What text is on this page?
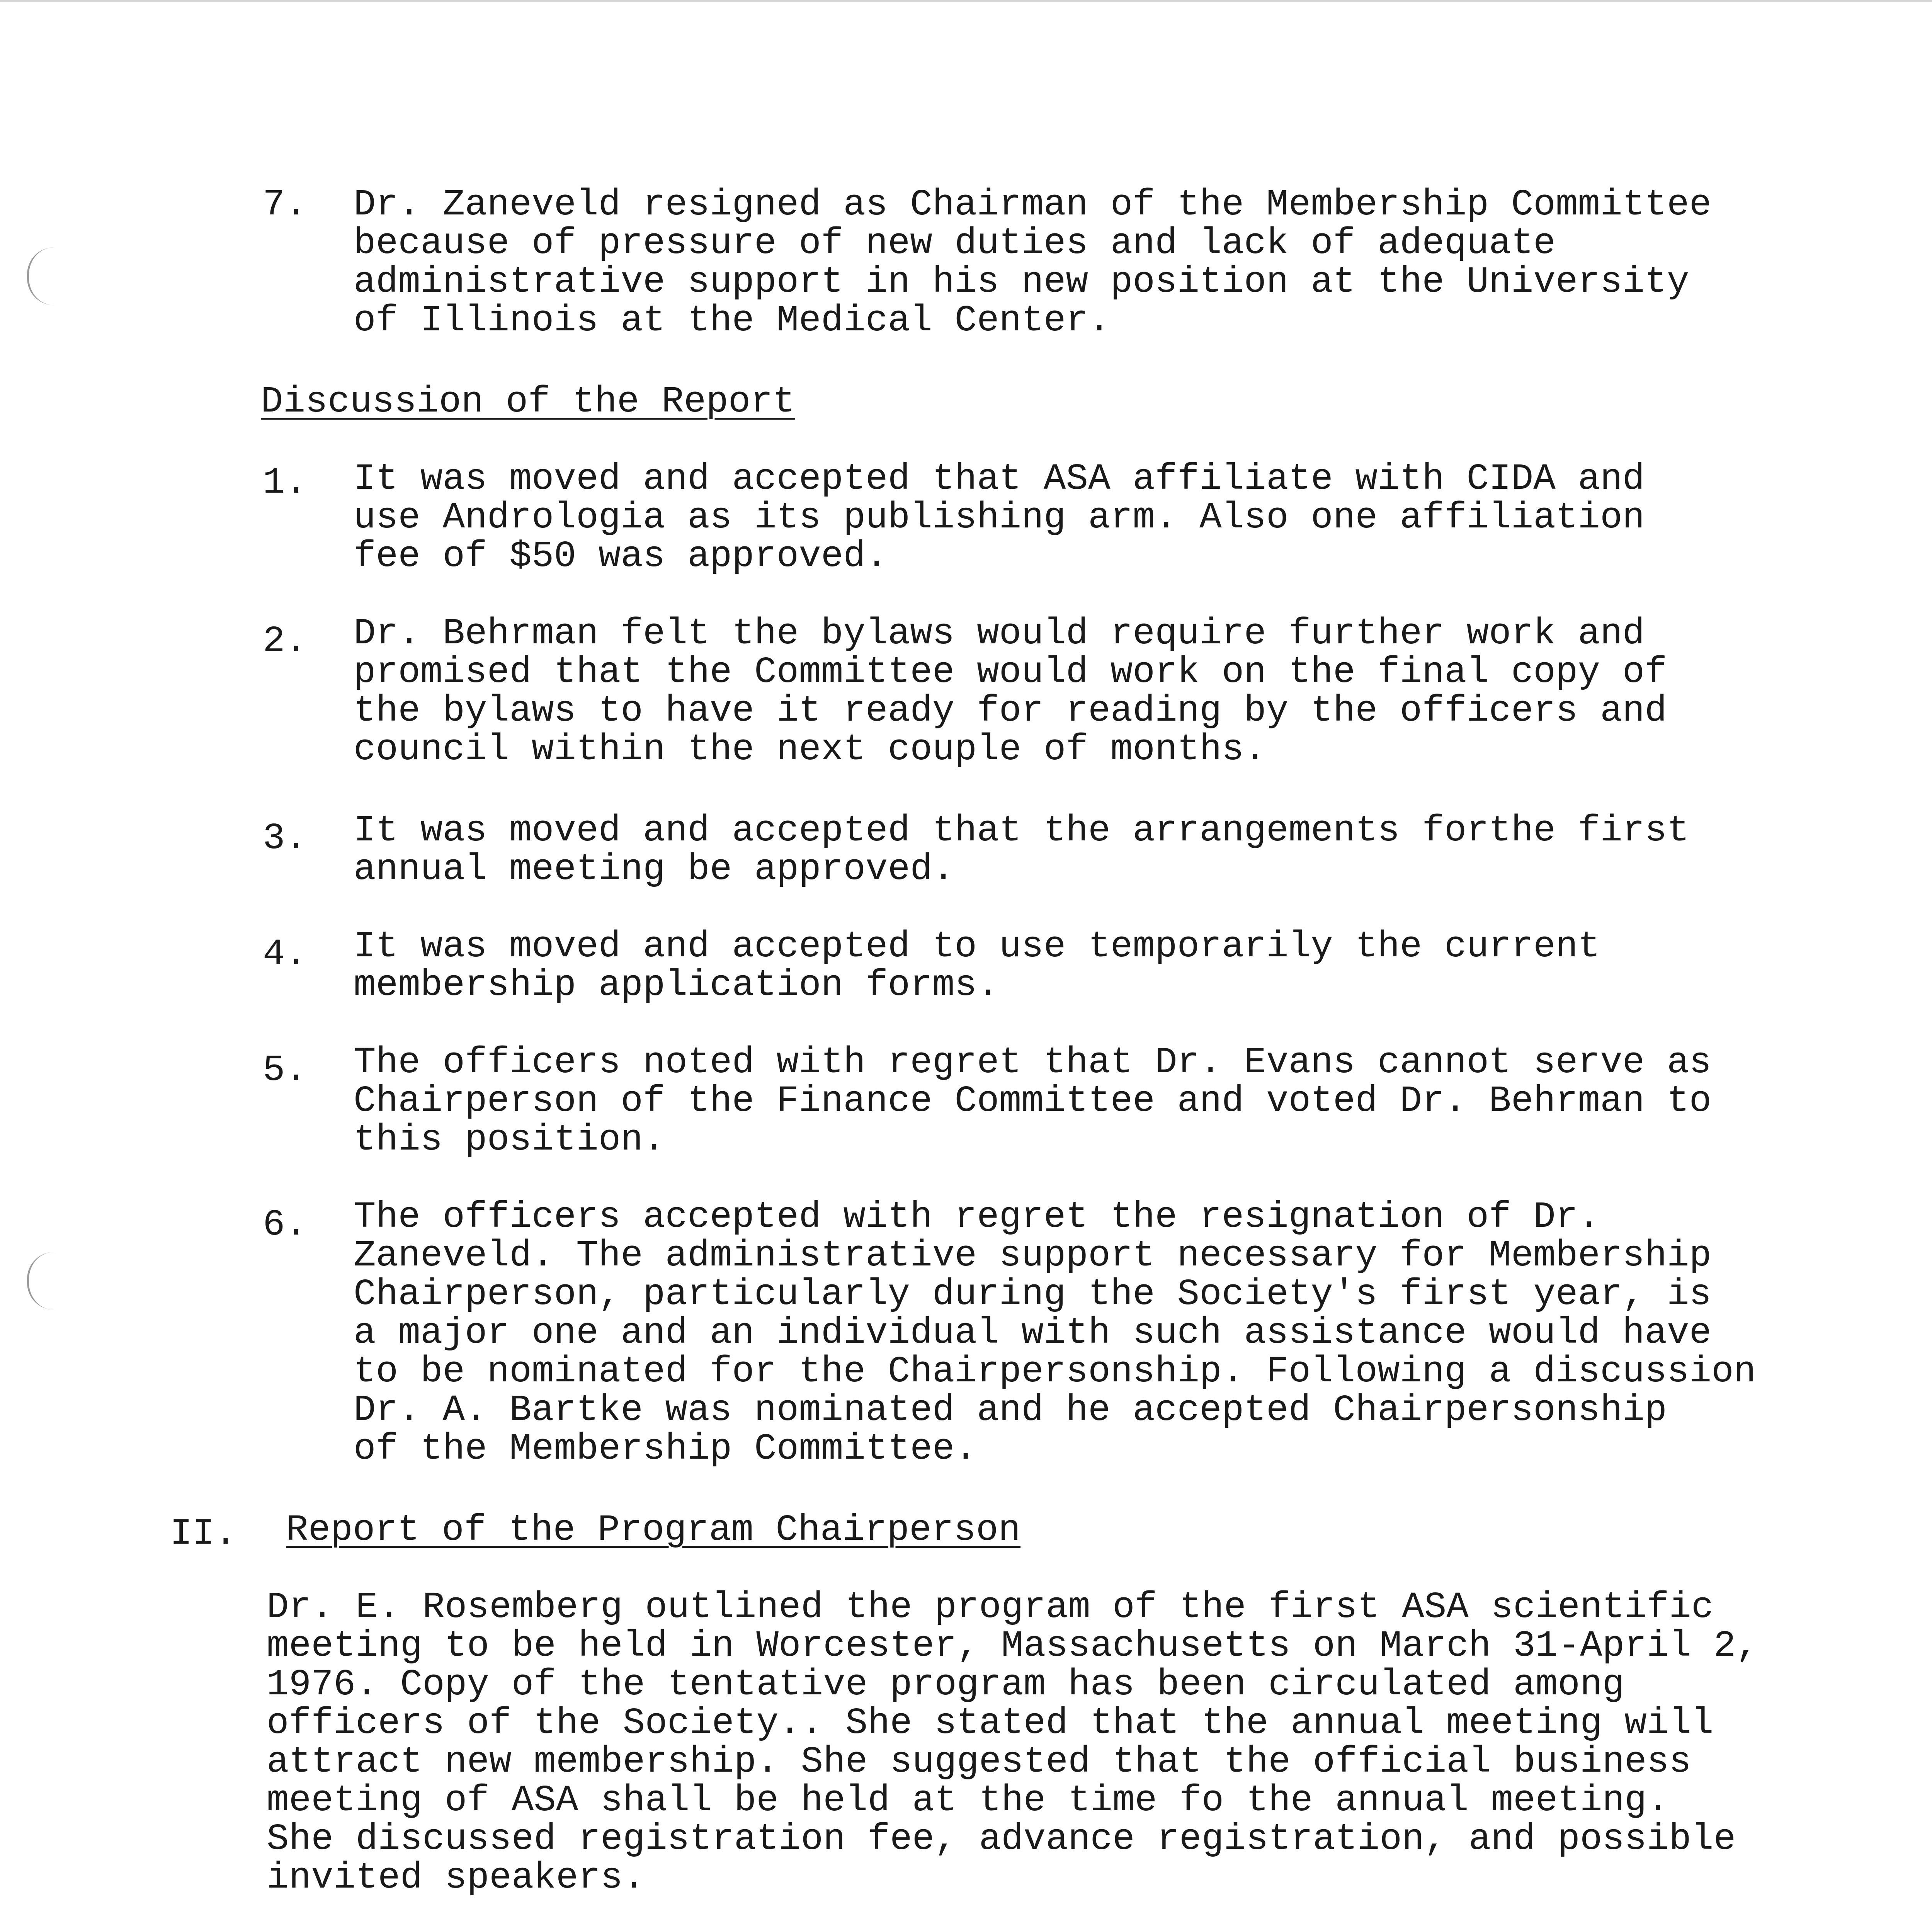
7. Dr. Zaneveld resigned as Chairman of the Membership Committee
because of pressure of new duties and lack of adequate
administrative support in his new position at the University
of Illinois at the Medical Center.

Discussion of the Report

1. It was moved and accepted that ASA affiliate with CIDA and
use Andrologia as its publishing arm. Also one affiliation
fee of $50 was approved.

2. Dr. Behrman felt the bylaws would require further work and
promised that the Committee would work on the final copy of
the bylaws to have it ready for reading by the officers and
council within the next couple of months.

3. It was moved and accepted that the arrangements forthe first
annual meeting be approved.

4. It was moved and accepted to use temporarily the current
membership application forms.

5. The officers noted with regret that Dr. Evans cannot serve as
Chairperson of the Finance Committee and voted Dr. Behrman to
this position.

6. The officers accepted with regret the resignation of Dr.
Zaneveld. The administrative support necessary for Membership
Chairperson, particularly during the Society's first year, is
a major one and an individual with such assistance would have
to be nominated for the Chairpersonship. Following a discussion
Dr. A. Bartke was nominated and he accepted Chairpersonship
of the Membership Committee.

II. Report of the Program Chairperson

Dr. E. Rosemberg outlined the program of the first ASA scientific
meeting to be held in Worcester, Massachusetts on March 31-April 2,
1976. Copy of the tentative program has been circulated among
officers of the Society.. She stated that the annual meeting will
attract new membership. She suggested that the official business
meeting of ASA shall be held at the time fo the annual meeting.
She discussed registration fee, advance registration, and possible
invited speakers.
